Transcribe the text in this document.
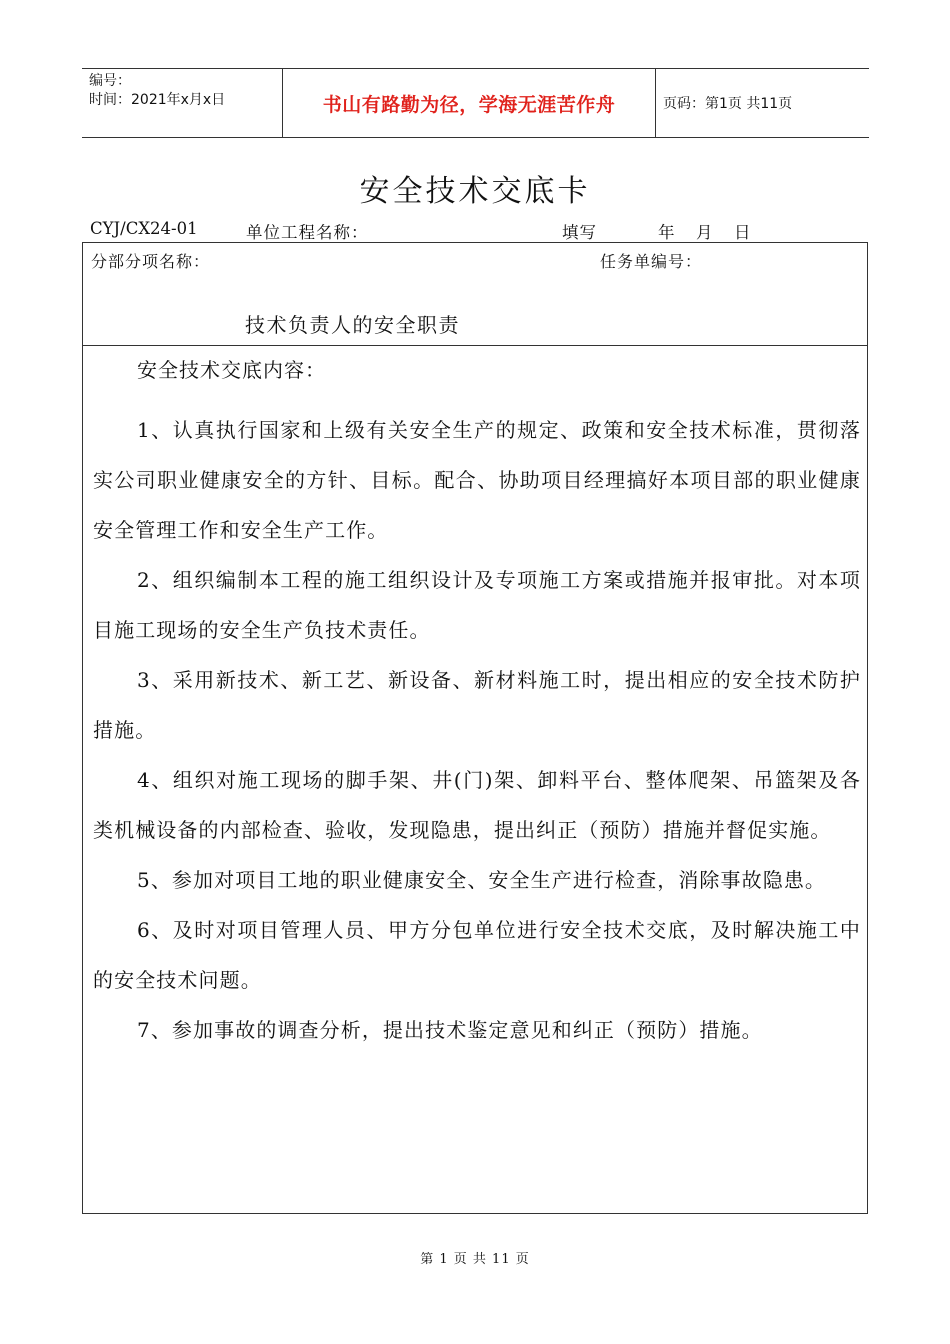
编号：
时间：2021年x月x日	书山有路勤为径，学海无涯苦作舟	页码：第1页 共11页
安全技术交底卡
CYJ/CX24-01	单位工程名称：	填写	年 月 日
分部分项名称：	任务单编号：
技术负责人的安全职责
安全技术交底内容：

1、认真执行国家和上级有关安全生产的规定、政策和安全技术标准，贯彻落实公司职业健康安全的方针、目标。配合、协助项目经理搞好本项目部的职业健康安全管理工作和安全生产工作。

2、组织编制本工程的施工组织设计及专项施工方案或措施并报审批。对本项目施工现场的安全生产负技术责任。

3、采用新技术、新工艺、新设备、新材料施工时，提出相应的安全技术防护措施。

4、组织对施工现场的脚手架、井(门)架、卸料平台、整体爬架、吊篮架及各类机械设备的内部检查、验收，发现隐患，提出纠正（预防）措施并督促实施。

5、参加对项目工地的职业健康安全、安全生产进行检查，消除事故隐患。

6、及时对项目管理人员、甲方分包单位进行安全技术交底，及时解决施工中的安全技术问题。

7、参加事故的调查分析，提出技术鉴定意见和纠正（预防）措施。

第 1 页 共 11 页
